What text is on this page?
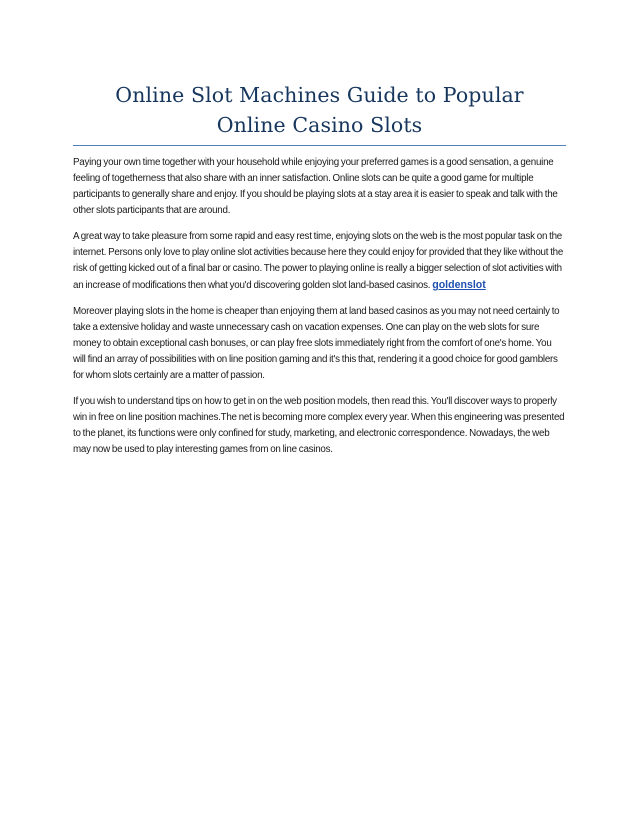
Online Slot Machines Guide to Popular
Online Casino Slots

Paying your own time together with your household while enjoying your preferred games is a good sensation, a genuine feeling of togetherness that also share with an inner satisfaction. Online slots can be quite a good game for multiple participants to generally share and enjoy. If you should be playing slots at a stay area it is easier to speak and talk with the other slots participants that are around.

A great way to take pleasure from some rapid and easy rest time, enjoying slots on the web is the most popular task on the internet. Persons only love to play online slot activities because here they could enjoy for provided that they like without the risk of getting kicked out of a final bar or casino. The power to playing online is really a bigger selection of slot activities with an increase of modifications then what you'd discovering golden slot land-based casinos. goldenslot

Moreover playing slots in the home is cheaper than enjoying them at land based casinos as you may not need certainly to take a extensive holiday and waste unnecessary cash on vacation expenses. One can play on the web slots for sure money to obtain exceptional cash bonuses, or can play free slots immediately right from the comfort of one's home. You will find an array of possibilities with on line position gaming and it's this that, rendering it a good choice for good gamblers for whom slots certainly are a matter of passion.

If you wish to understand tips on how to get in on the web position models, then read this. You'll discover ways to properly win in free on line position machines.The net is becoming more complex every year. When this engineering was presented to the planet, its functions were only confined for study, marketing, and electronic correspondence. Nowadays, the web may now be used to play interesting games from on line casinos.
